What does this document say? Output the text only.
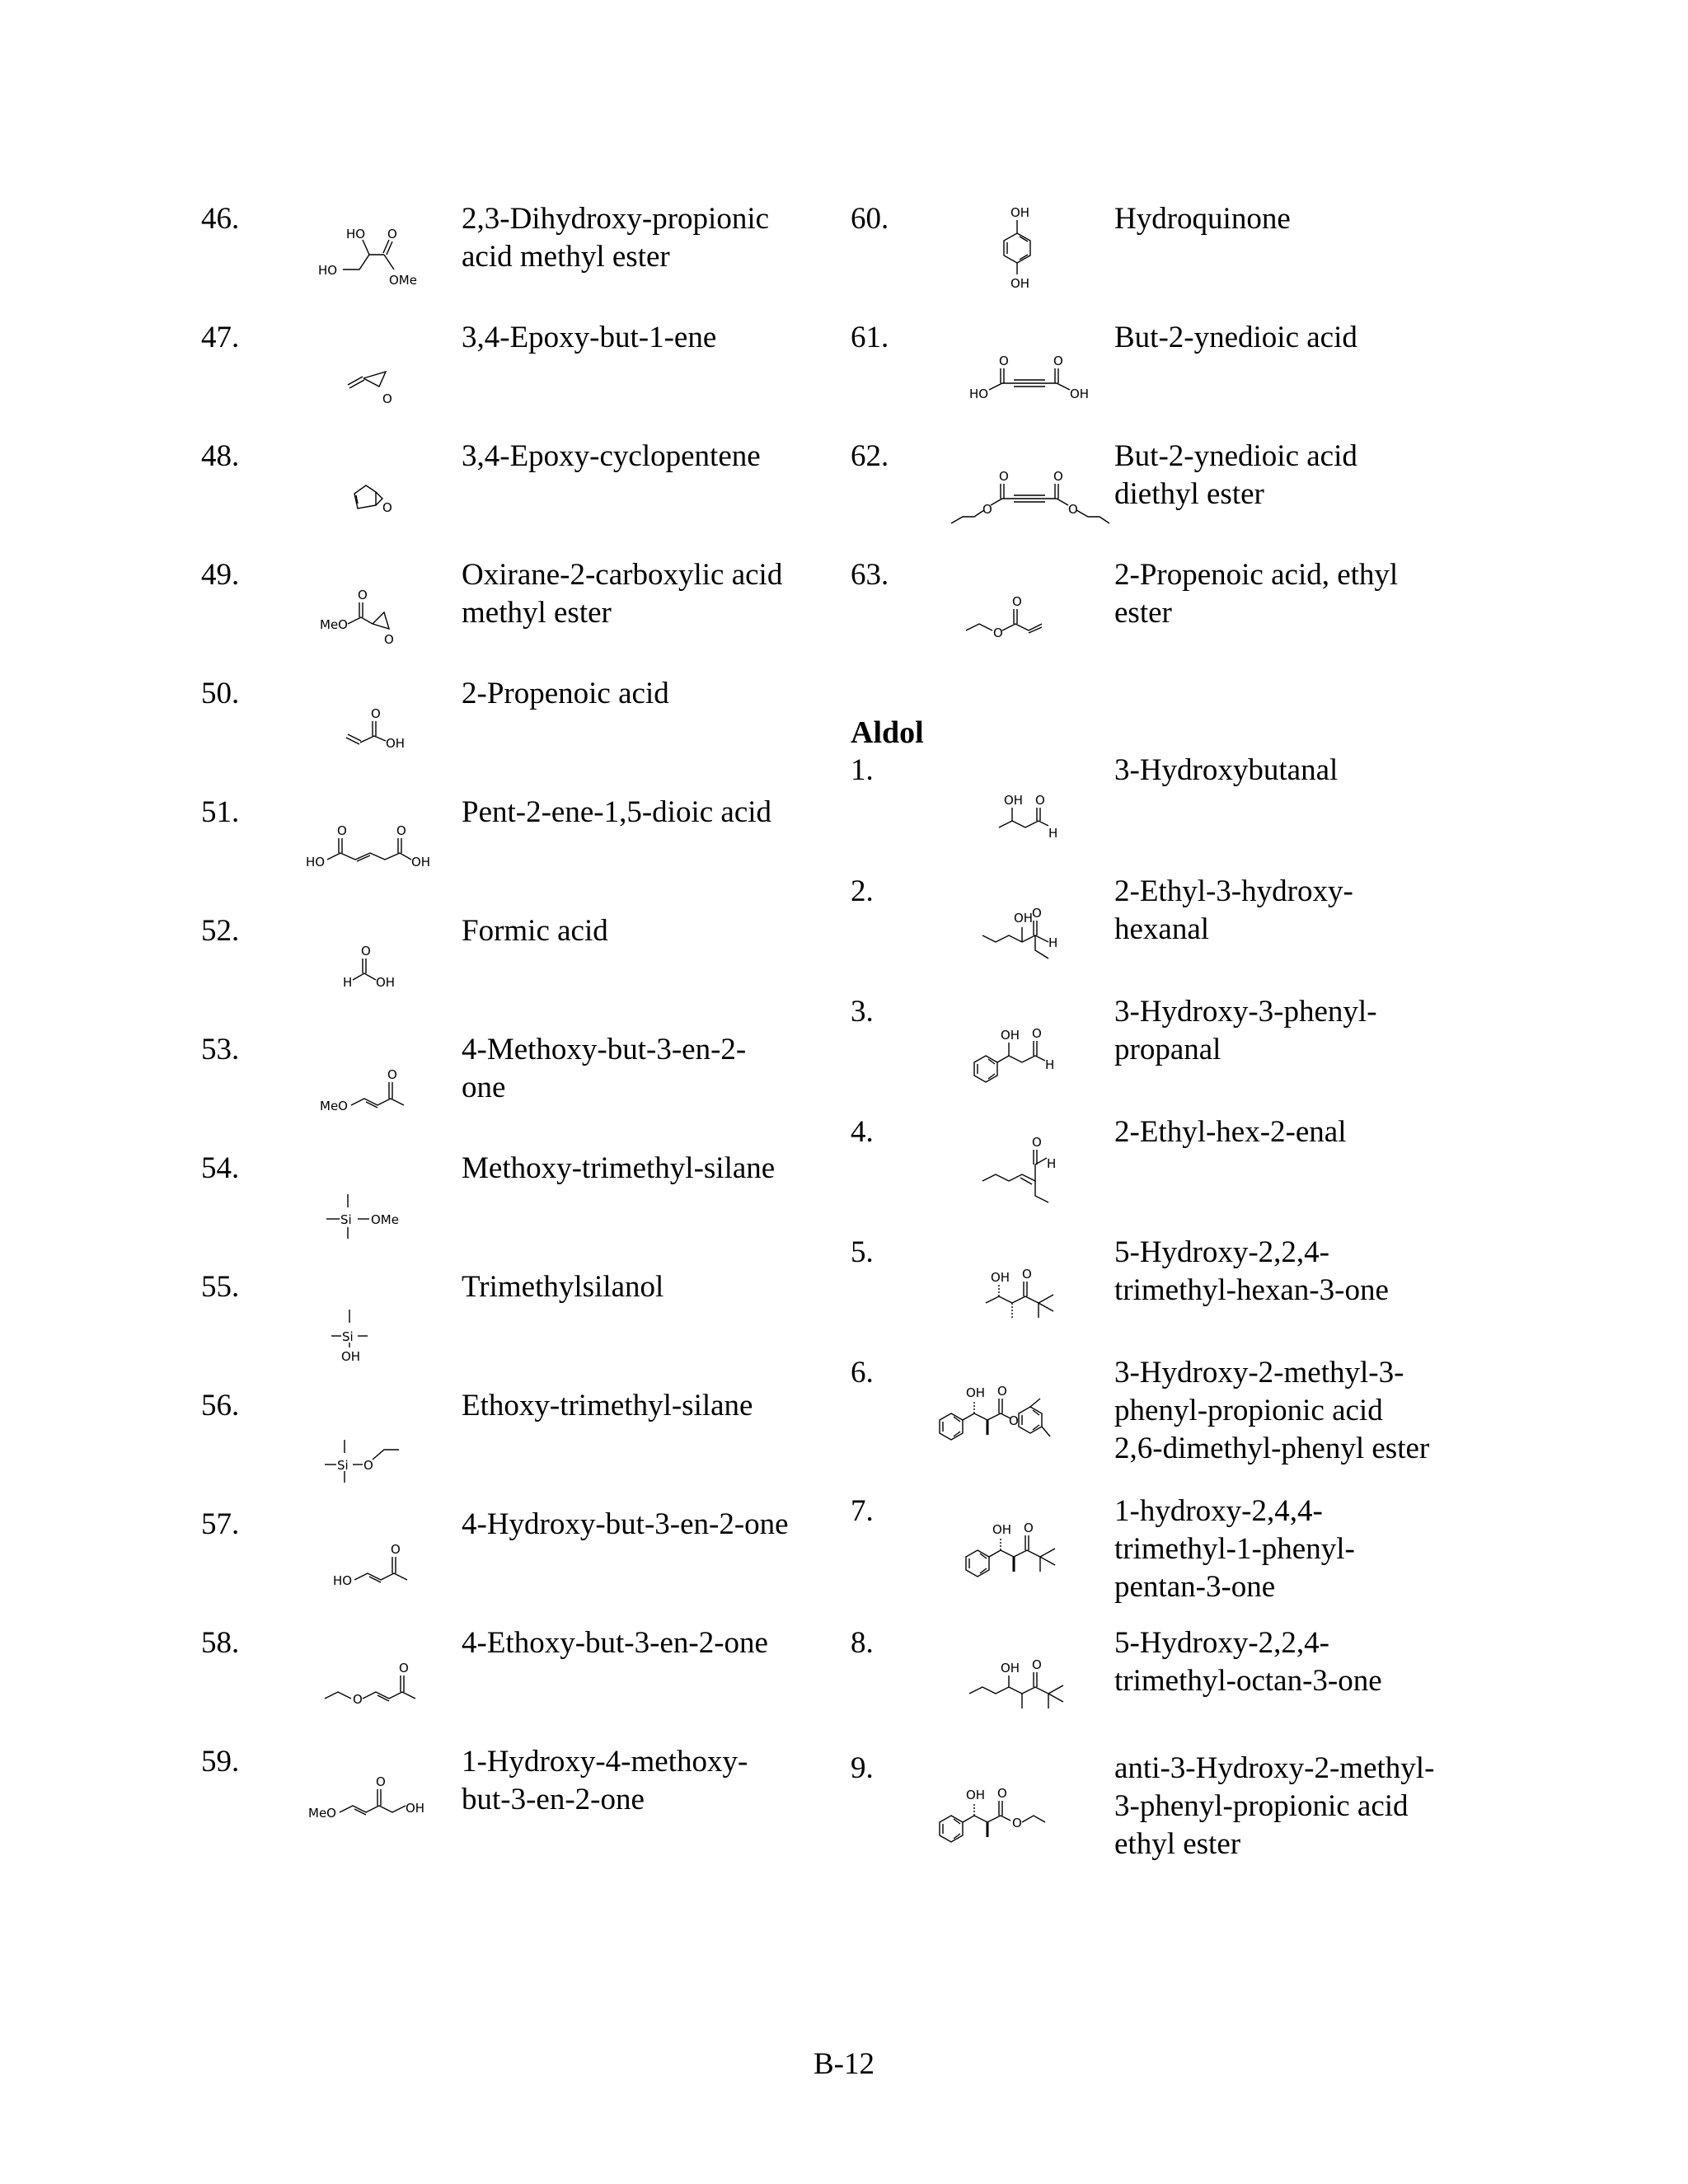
46.
HO
HO O
OMe
2,3-Dihydroxy-propionic
acid methyl ester
47.
O
3,4-Epoxy-but-1-ene
48.
O
3,4-Epoxy-cyclopentene
49.
O
MeO
O
Oxirane-2-carboxylic acid
methyl ester
50.
O
OH
2-Propenoic acid
51.
O	O
HO	OH
Pent-2-ene-1,5-dioic acid
52.
O
H OH
Formic acid
53.
O
MeO
4-Methoxy-but-3-en-2-
one
54.
Si OMe
Methoxy-trimethyl-silane
55.
Si
OH
Trimethylsilanol
56.
Si O
Ethoxy-trimethyl-silane
57.
O
HO
4-Hydroxy-but-3-en-2-one
58.
O
O
4-Ethoxy-but-3-en-2-one
59.
O
MeO	OH
1-Hydroxy-4-methoxy-
but-3-en-2-one
60.	OH
OH
Hydroquinone
61.
O	O
HO	OH
But-2-ynedioic acid
62.
O	O
O	O
But-2-ynedioic acid
diethyl ester
63.
O
O
2-Propenoic acid, ethyl
ester
Aldol
1.
OH O
H
3-Hydroxybutanal
2.
OH
O
H
2-Ethyl-3-hydroxy-
hexanal
3.
OH O
H
3-Hydroxy-3-phenyl-
propanal
4.	O
H
2-Ethyl-hex-2-enal
5.
OH O
5-Hydroxy-2,2,4-
trimethyl-hexan-3-one
6.
OH O
O
3-Hydroxy-2-methyl-3-
phenyl-propionic acid
2,6-dimethyl-phenyl ester
7.
OH O	1-hydroxy-2,4,4-
trimethyl-1-phenyl-
pentan-3-one
8.
OH O
5-Hydroxy-2,2,4-
trimethyl-octan-3-one
9.
OH O
O
anti-3-Hydroxy-2-methyl-
3-phenyl-propionic acid
ethyl ester
B-12
